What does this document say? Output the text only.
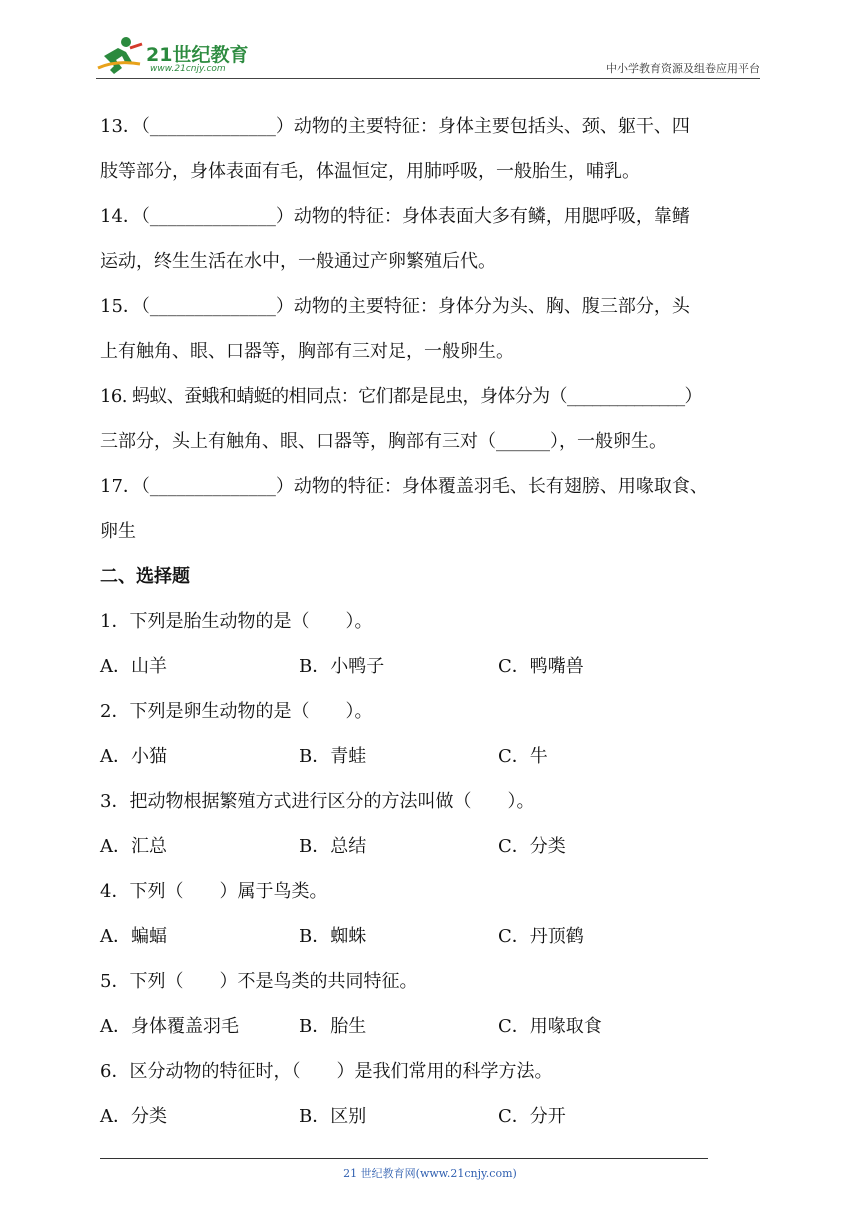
21世纪教育
www.21cnjy.com	中小学教育资源及组卷应用平台

13．（______________）动物的主要特征：身体主要包括头、颈、躯干、四

肢等部分，身体表面有毛，体温恒定，用肺呼吸，一般胎生，哺乳。

14．（______________）动物的特征：身体表面大多有鳞，用腮呼吸，靠鳍

运动，终生生活在水中，一般通过产卵繁殖后代。

15．（______________）动物的主要特征：身体分为头、胸、腹三部分，头

上有触角、眼、口器等，胸部有三对足，一般卵生。

16. 蚂蚁、蚕蛾和蜻蜓的相同点：它们都是昆虫，身体分为（______________）

三部分，头上有触角、眼、口器等，胸部有三对（______），一般卵生。

17．（______________）动物的特征：身体覆盖羽毛、长有翅膀、用喙取食、

卵生

二、选择题

1．下列是胎生动物的是（　　）。

A．山羊	B．小鸭子	C．鸭嘴兽

2．下列是卵生动物的是（　　）。

A．小猫	B．青蛙	C．牛

3．把动物根据繁殖方式进行区分的方法叫做（　　）。

A．汇总	B．总结	C．分类

4．下列（　　）属于鸟类。

A．蝙蝠	B．蜘蛛	C．丹顶鹤

5．下列（　　）不是鸟类的共同特征。

A．身体覆盖羽毛	B．胎生	C．用喙取食

6．区分动物的特征时，（　　）是我们常用的科学方法。

A．分类	B．区别	C．分开
21 世纪教育网(www.21cnjy.com)
